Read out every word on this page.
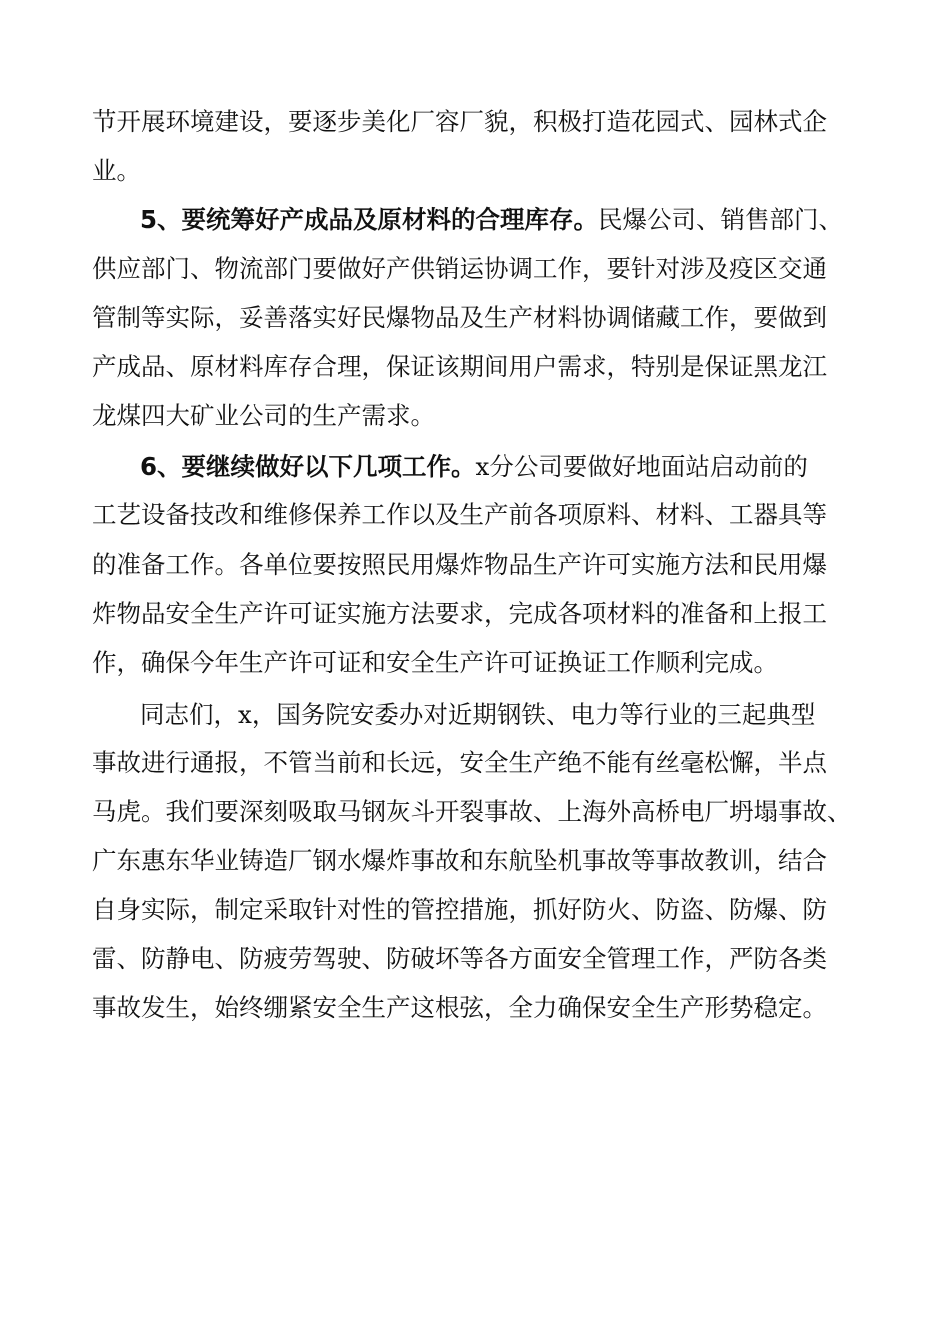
节开展环境建设，要逐步美化厂容厂貌，积极打造花园式、园林式企
业。
5、要统筹好产成品及原材料的合理库存。民爆公司、销售部门、
供应部门、物流部门要做好产供销运协调工作，要针对涉及疫区交通
管制等实际，妥善落实好民爆物品及生产材料协调储藏工作，要做到
产成品、原材料库存合理，保证该期间用户需求，特别是保证黑龙江
龙煤四大矿业公司的生产需求。
6、要继续做好以下几项工作。x分公司要做好地面站启动前的
工艺设备技改和维修保养工作以及生产前各项原料、材料、工器具等
的准备工作。各单位要按照民用爆炸物品生产许可实施方法和民用爆
炸物品安全生产许可证实施方法要求，完成各项材料的准备和上报工
作，确保今年生产许可证和安全生产许可证换证工作顺利完成。
同志们，x，国务院安委办对近期钢铁、电力等行业的三起典型
事故进行通报，不管当前和长远，安全生产绝不能有丝毫松懈，半点
马虎。我们要深刻吸取马钢灰斗开裂事故、上海外高桥电厂坍塌事故、
广东惠东华业铸造厂钢水爆炸事故和东航坠机事故等事故教训，结合
自身实际，制定采取针对性的管控措施，抓好防火、防盗、防爆、防
雷、防静电、防疲劳驾驶、防破坏等各方面安全管理工作，严防各类
事故发生，始终绷紧安全生产这根弦，全力确保安全生产形势稳定。
